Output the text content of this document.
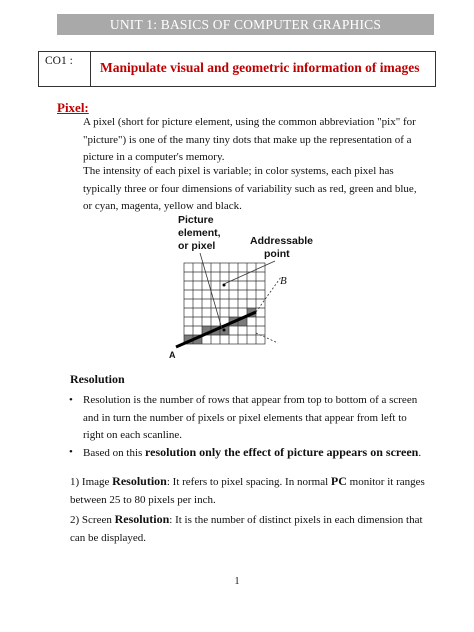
UNIT 1: BASICS OF COMPUTER GRAPHICS
CO1 :	Manipulate visual and geometric information of images
Pixel:

A pixel (short for picture element, using the common abbreviation "pix" for
"picture") is one of the many tiny dots that make up the representation of a
picture in a computer's memory.

The intensity of each pixel is variable; in color systems, each pixel has
typically three or four dimensions of variability such as red, green and blue,
or cyan, magenta, yellow and black.

Picture
element,
or pixel	Addressable
point
B
A
Resolution
• Resolution is the number of rows that appear from top to bottom of a screen
and in turn the number of pixels or pixel elements that appear from left to
right on each scanline.

• Based on this resolution only the effect of picture appears on screen.

1) Image Resolution: It refers to pixel spacing. In normal PC monitor it ranges
between 25 to 80 pixels per inch.

2) Screen Resolution: It is the number of distinct pixels in each dimension that
can be displayed.

1
